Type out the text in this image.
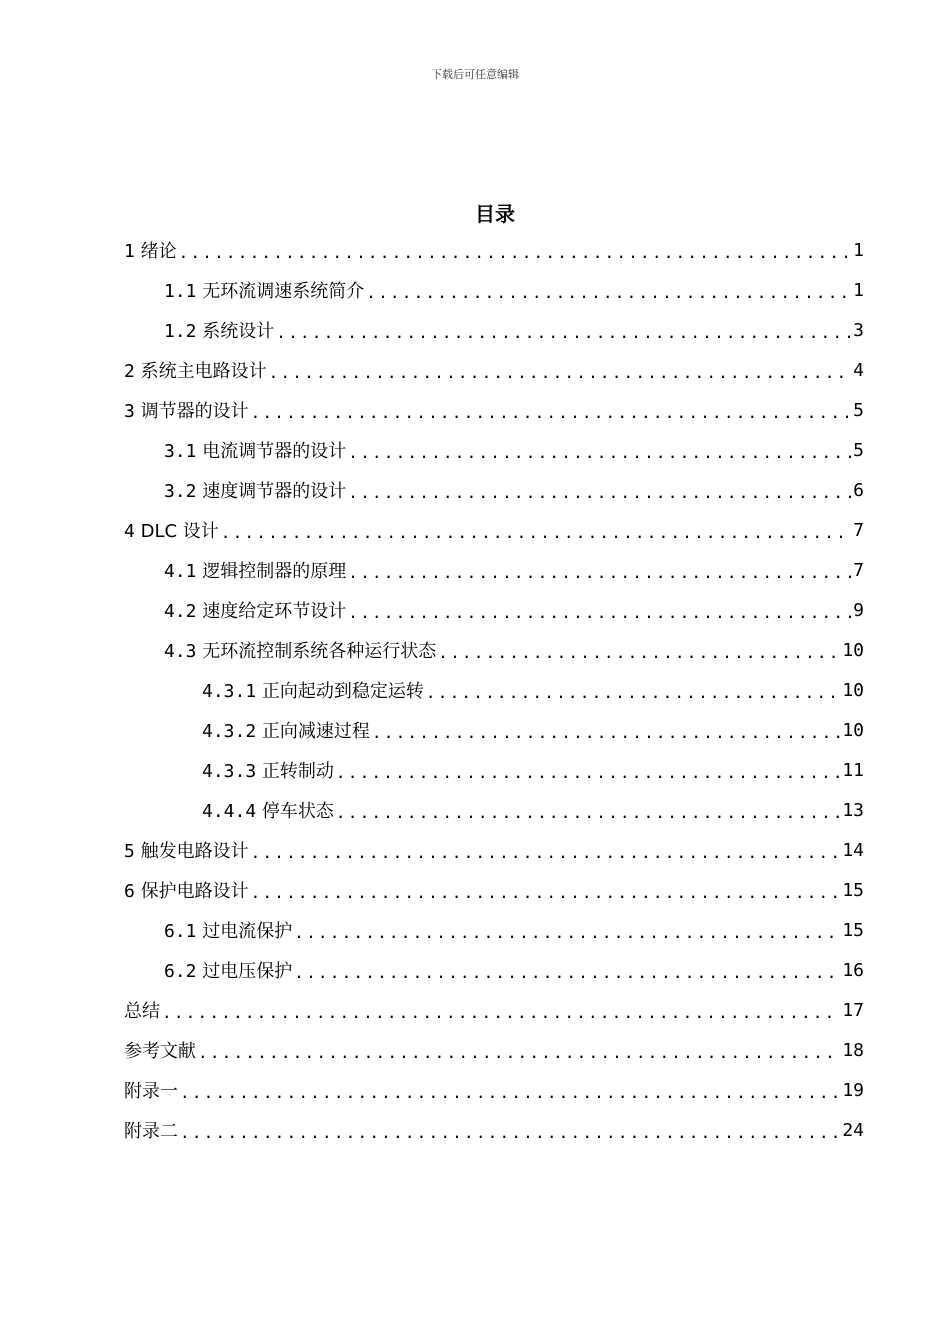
下载后可任意编辑
目录
1 绪论 .....	1
1.1 无环流调速系统简介 .....	1
1.2 系统设计 .....	3
2 系统主电路设计 .....	4
3 调节器的设计 .....	5
3.1 电流调节器的设计 .....	5
3.2 速度调节器的设计 .....	6
4 DLC 设计 .....	7
4.1 逻辑控制器的原理 .....	7
4.2 速度给定环节设计 .....	9
4.3 无环流控制系统各种运行状态 .....	10
4.3.1 正向起动到稳定运转 .....	10
4.3.2 正向减速过程 .....	10
4.3.3 正转制动 .....	11
4.4.4 停车状态 .....	13
5 触发电路设计 .....	14
6 保护电路设计 .....	15
6.1 过电流保护 .....	15
6.2 过电压保护 .....	16
总结 .....	17
参考文献 .....	18
附录一 .....	19
附录二 .....	24
